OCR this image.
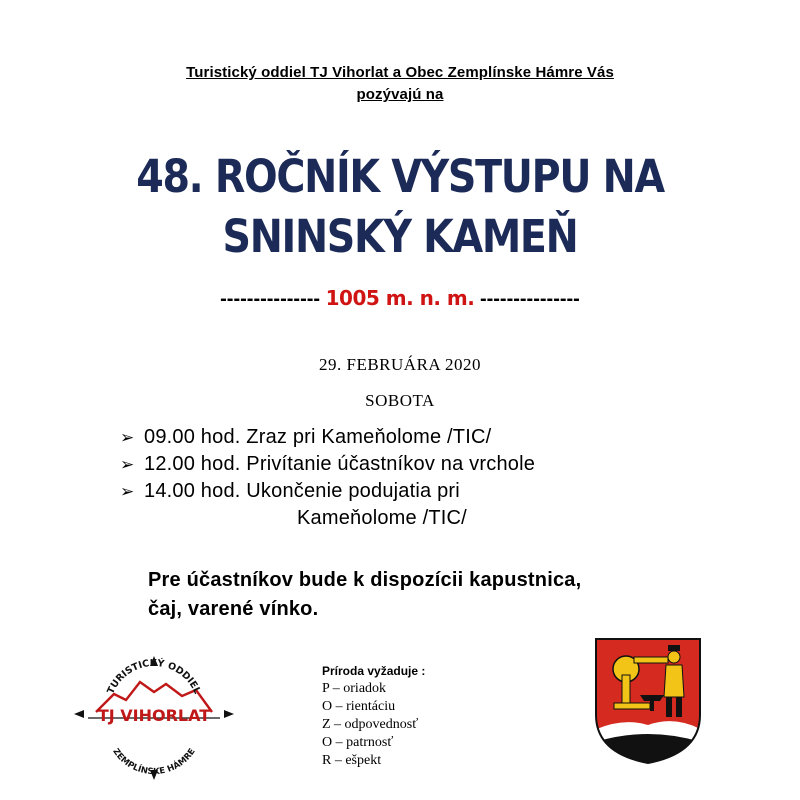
Turistický oddiel TJ Vihorlat a Obec Zemplínske Hámre Vás
pozývajú na
48. ROČNÍK VÝSTUPU NA
SNINSKÝ KAMEŇ
--------------- 1005 m. n. m. ---------------
29. FEBRUÁRA 2020
SOBOTA
➢ 09.00 hod. Zraz pri Kameňolome /TIC/
➢ 12.00 hod. Privítanie účastníkov na vrchole
➢ 14.00 hod. Ukončenie podujatia pri
Kameňolome /TIC/
Pre účastníkov bude k dispozícii kapustnica,
čaj, varené vínko.
TURISTICKÝ ODDIEL
ZEMPLÍNSKE HÁMRE
TJ VIHORLAT
Príroda vyžaduje :
P – oriadok
O – rientáciu
Z – odpovednosť
O – patrnosť
R – ešpekt
